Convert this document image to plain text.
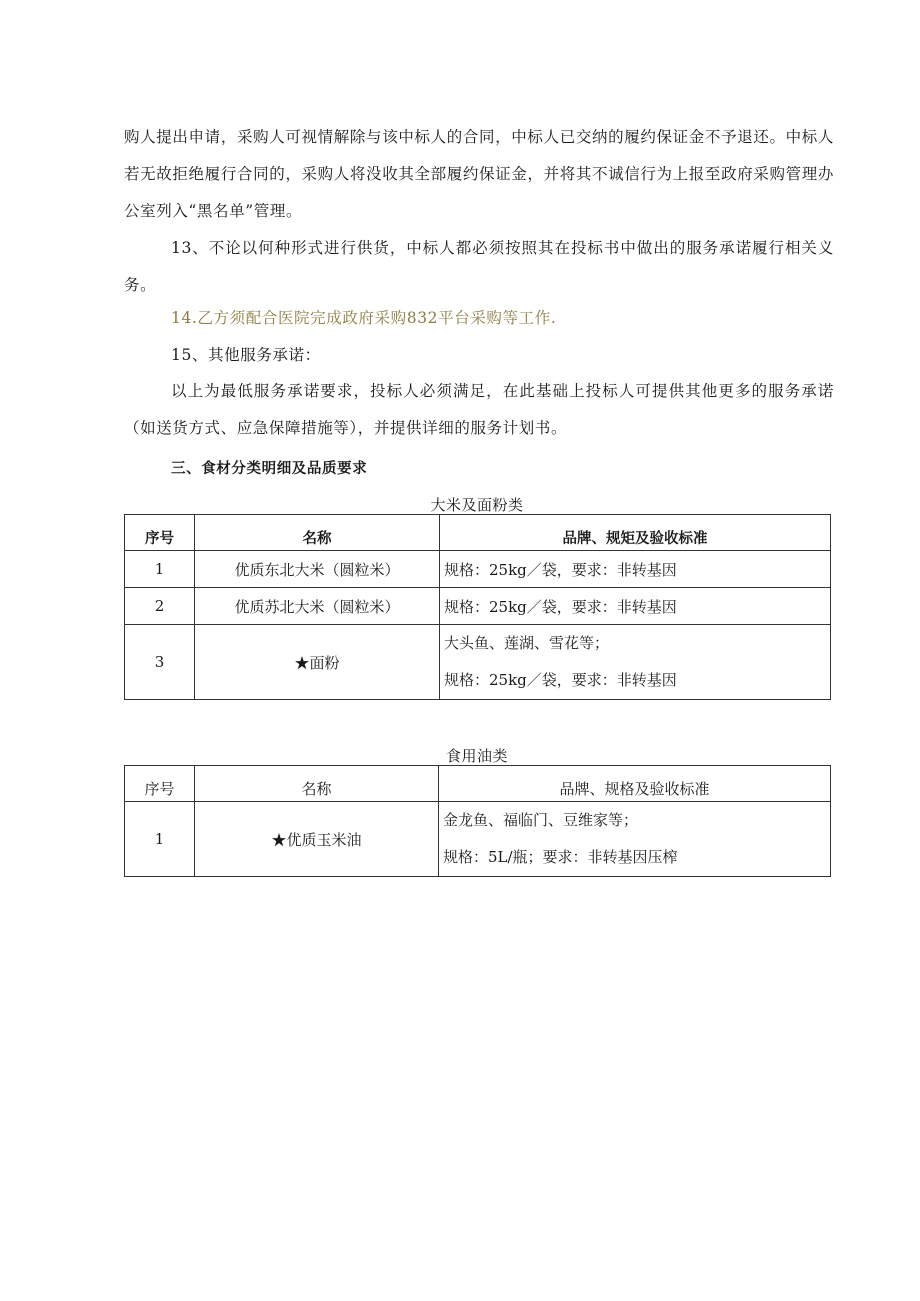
购人提出申请，采购人可视情解除与该中标人的合同，中标人已交纳的履约保证金不予退还。中标人若无故拒绝履行合同的，采购人将没收其全部履约保证金，并将其不诚信行为上报至政府采购管理办公室列入“黑名单”管理。

13、不论以何种形式进行供货，中标人都必须按照其在投标书中做出的服务承诺履行相关义务。

14.乙方须配合医院完成政府采购832平台采购等工作.
15、其他服务承诺：

以上为最低服务承诺要求，投标人必须满足，在此基础上投标人可提供其他更多的服务承诺（如送货方式、应急保障措施等），并提供详细的服务计划书。

三、食材分类明细及品质要求
大米及面粉类
序号	名称	品牌、规矩及验收标准
1	优质东北大米（圆粒米）	规格：25kg／袋，要求：非转基因
2	优质苏北大米（圆粒米）	规格：25kg／袋，要求：非转基因
3	★面粉	大头鱼、莲湖、雪花等；
规格：25kg／袋，要求：非转基因
食用油类
序号	名称	品牌、规格及验收标准
1	★优质玉米油	金龙鱼、福临门、豆维家等；
规格：5L/瓶；要求：非转基因压榨
